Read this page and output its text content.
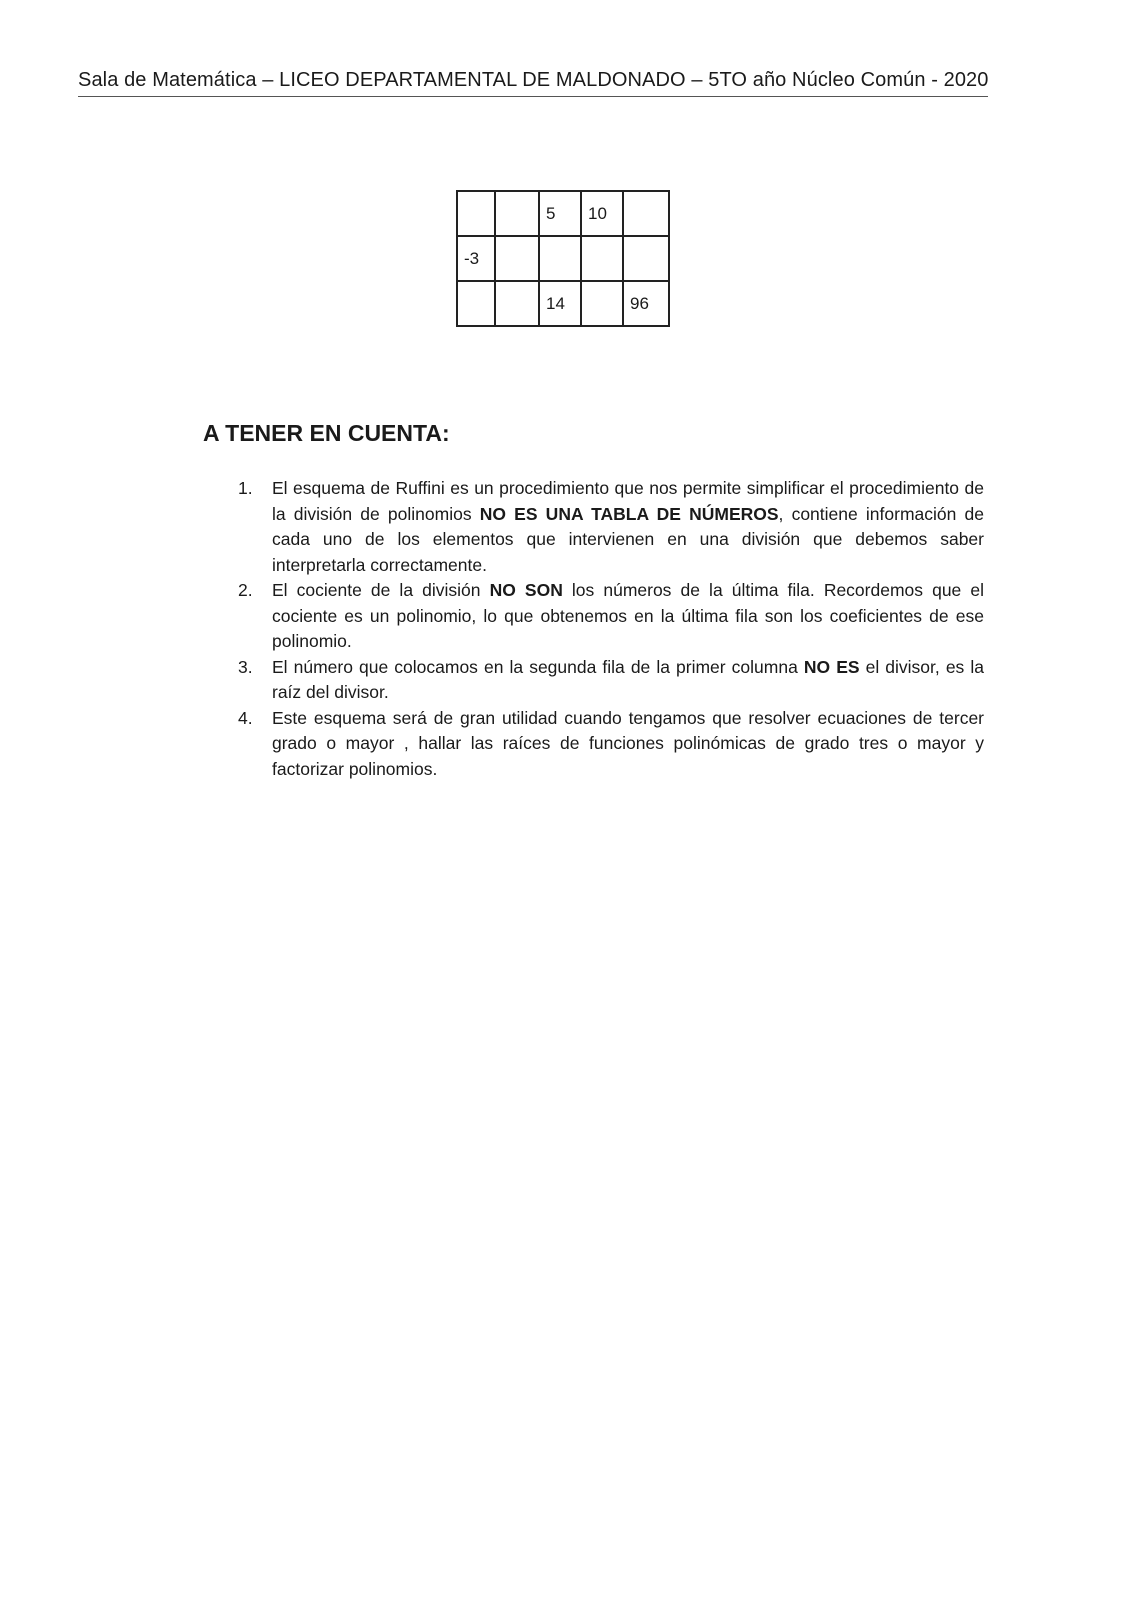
Sala de Matemática – LICEO DEPARTAMENTAL DE MALDONADO – 5TO año Núcleo Común - 2020
		5	10	
-3				
		14		96
A TENER EN CUENTA:
1. El esquema de Ruffini es un procedimiento que nos permite simplificar el procedimiento de la división de polinomios NO ES UNA TABLA DE NÚMEROS, contiene información de cada uno de los elementos que intervienen en una división que debemos saber interpretarla correctamente.
2. El cociente de la división NO SON los números de la última fila. Recordemos que el cociente es un polinomio, lo que obtenemos en la última fila son los coeficientes de ese polinomio.
3. El número que colocamos en la segunda fila de la primer columna NO ES el divisor, es la raíz del divisor.
4. Este esquema será de gran utilidad cuando tengamos que resolver ecuaciones de tercer grado o mayor , hallar las raíces de funciones polinómicas de grado tres o mayor y factorizar polinomios.
